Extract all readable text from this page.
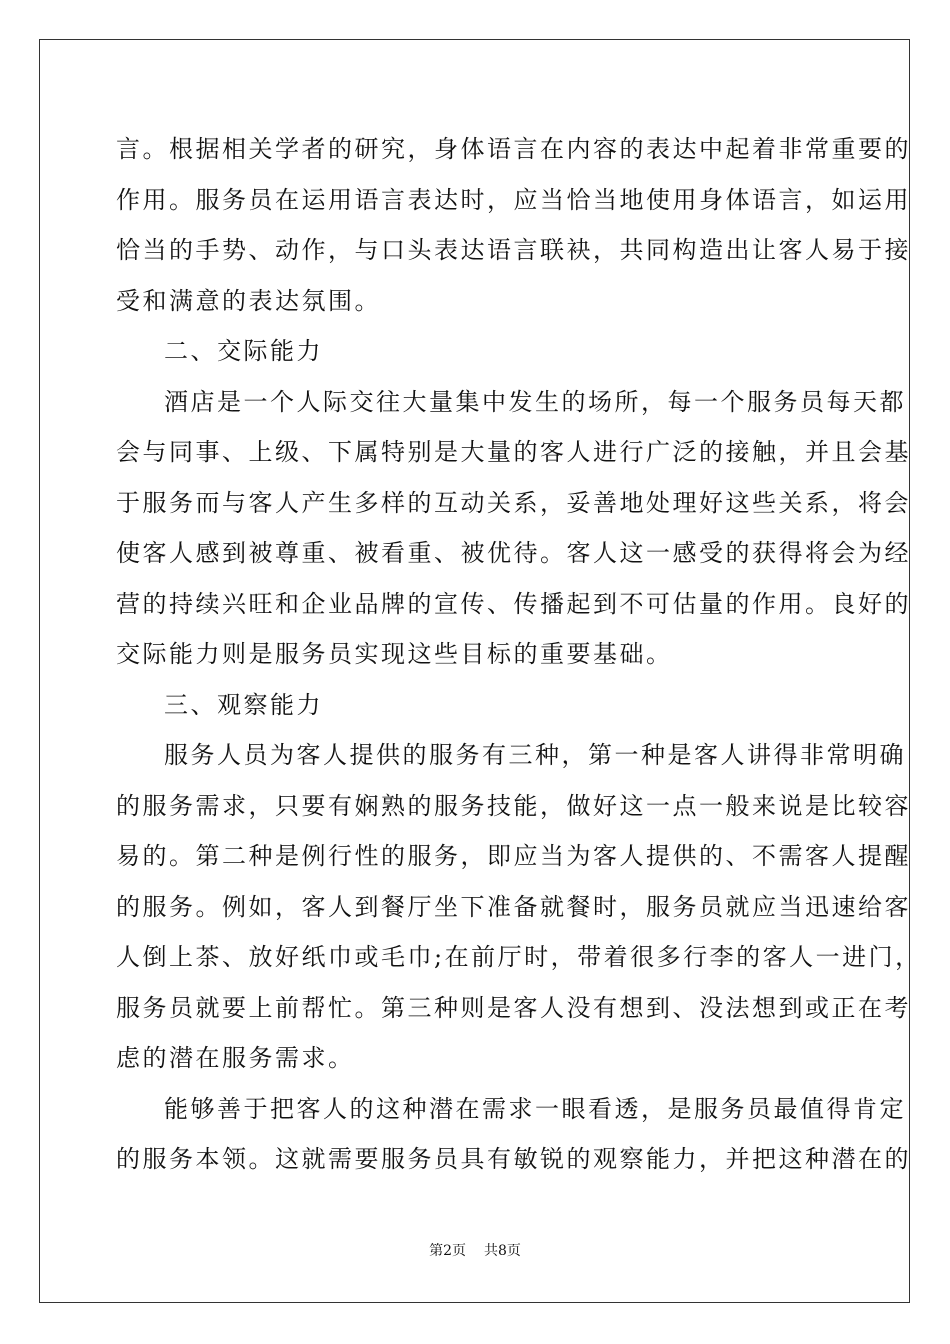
言。根据相关学者的研究，身体语言在内容的表达中起着非常重要的
作用。服务员在运用语言表达时，应当恰当地使用身体语言，如运用
恰当的手势、动作，与口头表达语言联袂，共同构造出让客人易于接
受和满意的表达氛围。
二、交际能力
酒店是一个人际交往大量集中发生的场所，每一个服务员每天都
会与同事、上级、下属特别是大量的客人进行广泛的接触，并且会基
于服务而与客人产生多样的互动关系，妥善地处理好这些关系，将会
使客人感到被尊重、被看重、被优待。客人这一感受的获得将会为经
营的持续兴旺和企业品牌的宣传、传播起到不可估量的作用。良好的
交际能力则是服务员实现这些目标的重要基础。
三、观察能力
服务人员为客人提供的服务有三种，第一种是客人讲得非常明确
的服务需求，只要有娴熟的服务技能，做好这一点一般来说是比较容
易的。第二种是例行性的服务，即应当为客人提供的、不需客人提醒
的服务。例如，客人到餐厅坐下准备就餐时，服务员就应当迅速给客
人倒上茶、放好纸巾或毛巾;在前厅时，带着很多行李的客人一进门，
服务员就要上前帮忙。第三种则是客人没有想到、没法想到或正在考
虑的潜在服务需求。
能够善于把客人的这种潜在需求一眼看透，是服务员最值得肯定
的服务本领。这就需要服务员具有敏锐的观察能力，并把这种潜在的
第2页 共8页
